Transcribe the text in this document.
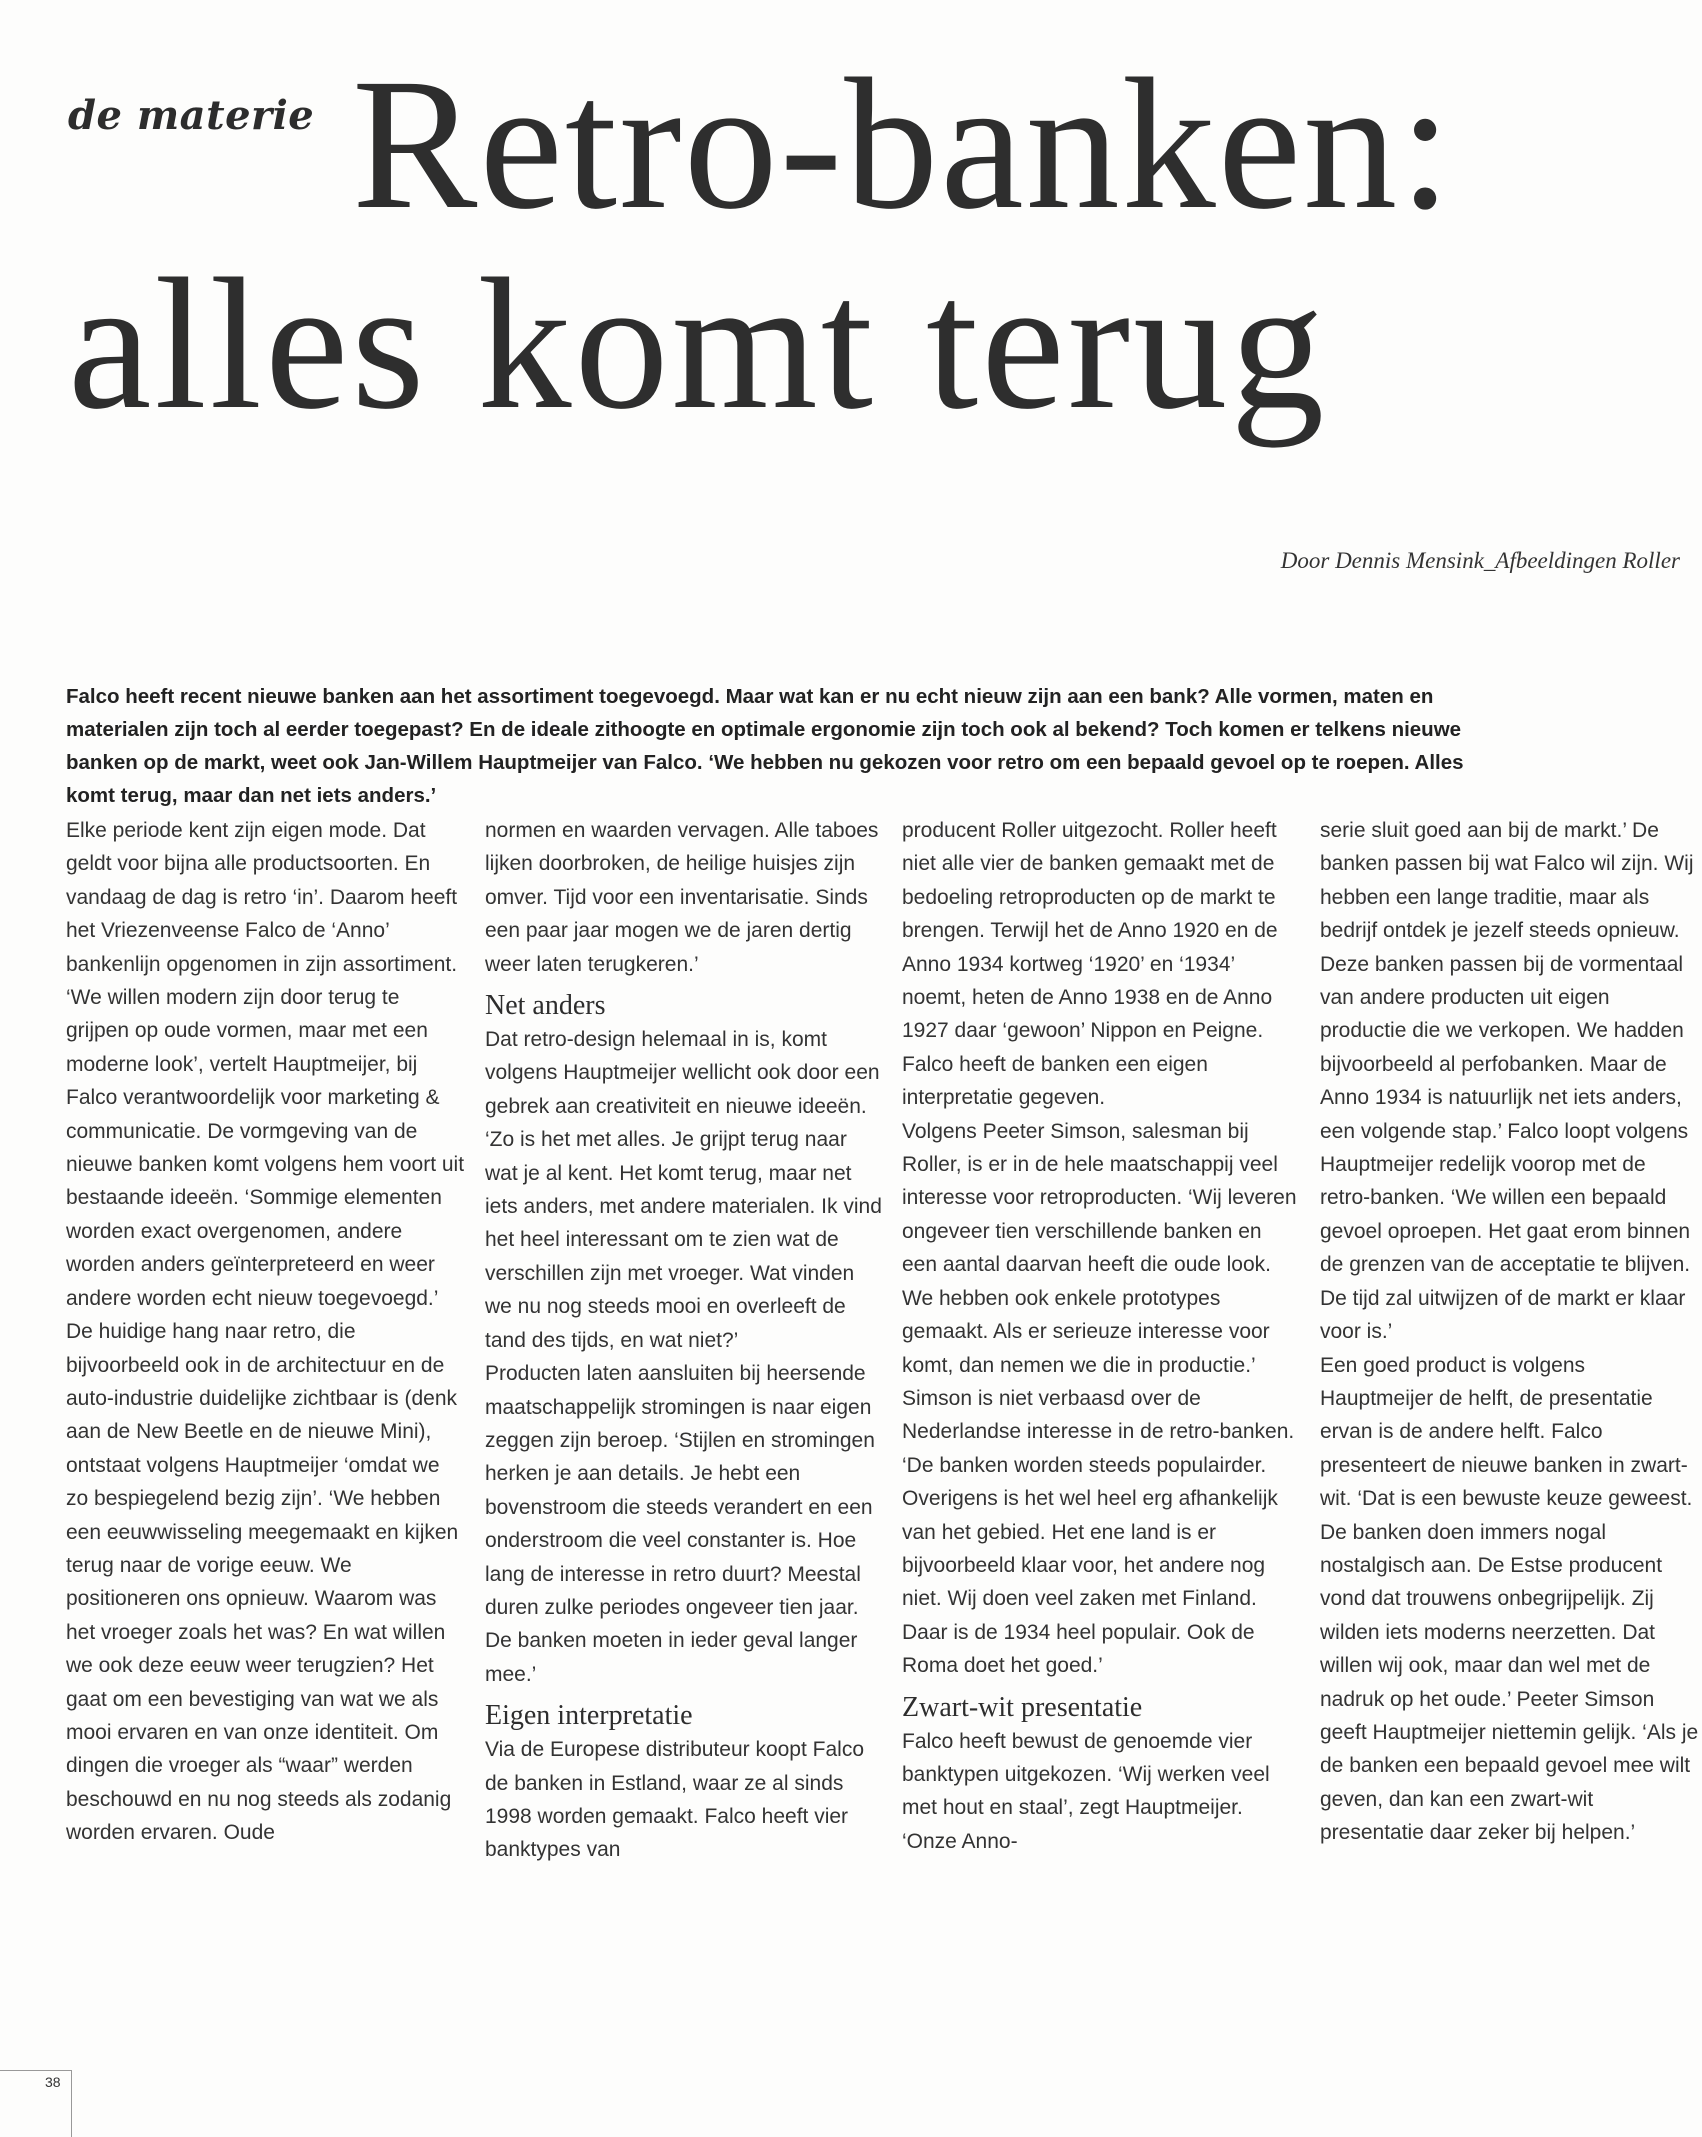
de materie Retro-banken:
alles komt terug
Door Dennis Mensink_Afbeeldingen Roller
Falco heeft recent nieuwe banken aan het assortiment toegevoegd. Maar wat kan er nu echt nieuw zijn aan een bank? Alle vormen, maten en materialen zijn toch al eerder toegepast? En de ideale zithoogte en optimale ergonomie zijn toch ook al bekend? Toch komen er telkens nieuwe banken op de markt, weet ook Jan-Willem Hauptmeijer van Falco. ‘We hebben nu gekozen voor retro om een bepaald gevoel op te roepen. Alles komt terug, maar dan net iets anders.’

Elke periode kent zijn eigen mode. Dat geldt voor bijna alle productsoorten. En vandaag de dag is retro ‘in’. Daarom heeft het Vriezenveense Falco de ‘Anno’ bankenlijn opgenomen in zijn assortiment. ‘We willen modern zijn door terug te grijpen op oude vormen, maar met een moderne look’, vertelt Hauptmeijer, bij Falco verantwoordelijk voor marketing & communicatie. De vormgeving van de nieuwe banken komt volgens hem voort uit bestaande ideeën. ‘Sommige elementen worden exact overgenomen, andere worden anders geïnterpreteerd en weer andere worden echt nieuw toegevoegd.’

De huidige hang naar retro, die bijvoorbeeld ook in de architectuur en de auto-industrie duidelijke zichtbaar is (denk aan de New Beetle en de nieuwe Mini), ontstaat volgens Hauptmeijer ‘omdat we zo bespiegelend bezig zijn’. ‘We hebben een eeuwwisseling meegemaakt en kijken terug naar de vorige eeuw. We positioneren ons opnieuw. Waarom was het vroeger zoals het was? En wat willen we ook deze eeuw weer terugzien? Het gaat om een bevestiging van wat we als mooi ervaren en van onze identiteit. Om dingen die vroeger als “waar” werden beschouwd en nu nog steeds als zodanig worden ervaren. Oude

normen en waarden vervagen. Alle taboes lijken doorbroken, de heilige huisjes zijn omver. Tijd voor een inventarisatie. Sinds een paar jaar mogen we de jaren dertig weer laten terugkeren.’

Net anders

Dat retro-design helemaal in is, komt volgens Hauptmeijer wellicht ook door een gebrek aan creativiteit en nieuwe ideeën. ‘Zo is het met alles. Je grijpt terug naar wat je al kent. Het komt terug, maar net iets anders, met andere materialen. Ik vind het heel interessant om te zien wat de verschillen zijn met vroeger. Wat vinden we nu nog steeds mooi en overleeft de tand des tijds, en wat niet?’

Producten laten aansluiten bij heersende maatschappelijk stromingen is naar eigen zeggen zijn beroep. ‘Stijlen en stromingen herken je aan details. Je hebt een bovenstroom die steeds verandert en een onderstroom die veel constanter is. Hoe lang de interesse in retro duurt? Meestal duren zulke periodes ongeveer tien jaar. De banken moeten in ieder geval langer mee.’

Eigen interpretatie

Via de Europese distributeur koopt Falco de banken in Estland, waar ze al sinds 1998 worden gemaakt. Falco heeft vier banktypes van

producent Roller uitgezocht. Roller heeft niet alle vier de banken gemaakt met de bedoeling retroproducten op de markt te brengen. Terwijl het de Anno 1920 en de Anno 1934 kortweg ‘1920’ en ‘1934’ noemt, heten de Anno 1938 en de Anno 1927 daar ‘gewoon’ Nippon en Peigne. Falco heeft de banken een eigen interpretatie gegeven.

Volgens Peeter Simson, salesman bij Roller, is er in de hele maatschappij veel interesse voor retroproducten. ‘Wij leveren ongeveer tien verschillende banken en een aantal daarvan heeft die oude look. We hebben ook enkele prototypes gemaakt. Als er serieuze interesse voor komt, dan nemen we die in productie.’ Simson is niet verbaasd over de Nederlandse interesse in de retro-banken. ‘De banken worden steeds populairder. Overigens is het wel heel erg afhankelijk van het gebied. Het ene land is er bijvoorbeeld klaar voor, het andere nog niet. Wij doen veel zaken met Finland. Daar is de 1934 heel populair. Ook de Roma doet het goed.’

Zwart-wit presentatie

Falco heeft bewust de genoemde vier banktypen uitgekozen. ‘Wij werken veel met hout en staal’, zegt Hauptmeijer. ‘Onze Anno-

serie sluit goed aan bij de markt.’ De banken passen bij wat Falco wil zijn. Wij hebben een lange traditie, maar als bedrijf ontdek je jezelf steeds opnieuw. Deze banken passen bij de vormentaal van andere producten uit eigen productie die we verkopen. We hadden bijvoorbeeld al perfobanken. Maar de Anno 1934 is natuurlijk net iets anders, een volgende stap.’ Falco loopt volgens Hauptmeijer redelijk voorop met de retro-banken. ‘We willen een bepaald gevoel oproepen. Het gaat erom binnen de grenzen van de acceptatie te blijven. De tijd zal uitwijzen of de markt er klaar voor is.’

Een goed product is volgens Hauptmeijer de helft, de presentatie ervan is de andere helft. Falco presenteert de nieuwe banken in zwart-wit. ‘Dat is een bewuste keuze geweest. De banken doen immers nogal nostalgisch aan. De Estse producent vond dat trouwens onbegrijpelijk. Zij wilden iets moderns neerzetten. Dat willen wij ook, maar dan wel met de nadruk op het oude.’ Peeter Simson geeft Hauptmeijer niettemin gelijk. ‘Als je de banken een bepaald gevoel mee wilt geven, dan kan een zwart-wit presentatie daar zeker bij helpen.’

38
